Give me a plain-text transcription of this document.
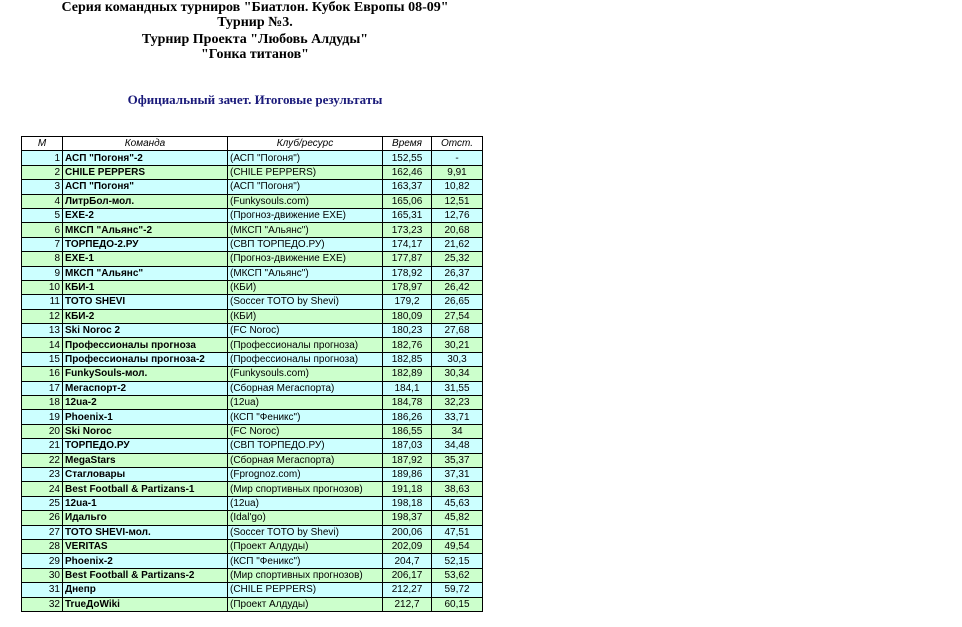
Серия командных турниров "Биатлон. Кубок Европы 08-09"
Турнир №3.
Турнир Проекта "Любовь Алдуды"
"Гонка титанов"
Официальный зачет. Итоговые результаты
М	Команда	Клуб/ресурс	Время	Отст.
1	АСП "Погоня"-2	(АСП "Погоня")	152,55	-
2	CHILE PEPPERS	(CHILE PEPPERS)	162,46	9,91
3	АСП "Погоня"	(АСП "Погоня")	163,37	10,82
4	ЛитрБол-мол.	(Funkysouls.com)	165,06	12,51
5	EXE-2	(Прогноз-движение EXE)	165,31	12,76
6	МКСП "Альянс"-2	(МКСП "Альянс")	173,23	20,68
7	ТОРПЕДО-2.РУ	(СВП ТОРПЕДО.РУ)	174,17	21,62
8	EXE-1	(Прогноз-движение EXE)	177,87	25,32
9	МКСП "Альянс"	(МКСП "Альянс")	178,92	26,37
10	КБИ-1	(КБИ)	178,97	26,42
11	TOTO SHEVI	(Soccer TOTO by Shevi)	179,2	26,65
12	КБИ-2	(КБИ)	180,09	27,54
13	Ski Noroc 2	(FC Noroc)	180,23	27,68
14	Профессионалы прогноза	(Профессионалы прогноза)	182,76	30,21
15	Профессионалы прогноза-2	(Профессионалы прогноза)	182,85	30,3
16	FunkySouls-мол.	(Funkysouls.com)	182,89	30,34
17	Мегаспорт-2	(Сборная Мегаспорта)	184,1	31,55
18	12ua-2	(12ua)	184,78	32,23
19	Phoenix-1	(КСП "Феникс")	186,26	33,71
20	Ski Noroc	(FC Noroc)	186,55	34
21	ТОРПЕДО.РУ	(СВП ТОРПЕДО.РУ)	187,03	34,48
22	MegaStars	(Сборная Мегаспорта)	187,92	35,37
23	Стагловары	(Fprognoz.com)	189,86	37,31
24	Best Football & Partizans-1	(Мир спортивных прогнозов)	191,18	38,63
25	12ua-1	(12ua)	198,18	45,63
26	Идальго	(Idal'go)	198,37	45,82
27	TOTO SHEVI-мол.	(Soccer TOTO by Shevi)	200,06	47,51
28	VERITAS	(Проект Алдуды)	202,09	49,54
29	Phoenix-2	(КСП "Феникс")	204,7	52,15
30	Best Football & Partizans-2	(Мир спортивных прогнозов)	206,17	53,62
31	Днепр	(CHILE PEPPERS)	212,27	59,72
32	TrueДоWiki	(Проект Алдуды)	212,7	60,15
